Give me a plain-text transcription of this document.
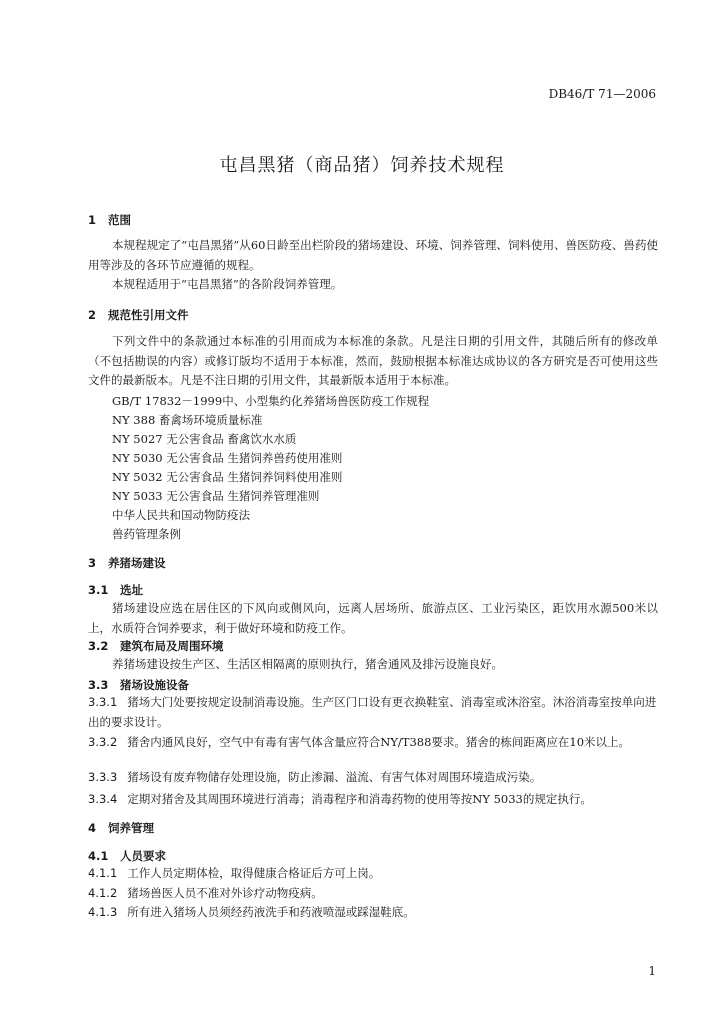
DB46/T 71—2006
屯昌黑猪（商品猪）饲养技术规程
1 范围
本规程规定了“屯昌黑猪”从60日龄至出栏阶段的猪场建设、环境、饲养管理、饲料使用、兽医防疫、兽药使用等涉及的各环节应遵循的规程。
本规程适用于“屯昌黑猪”的各阶段饲养管理。
2 规范性引用文件
下列文件中的条款通过本标准的引用而成为本标准的条款。凡是注日期的引用文件，其随后所有的修改单（不包括勘误的内容）或修订版均不适用于本标准，然而，鼓励根据本标准达成协议的各方研究是否可使用这些文件的最新版本。凡是不注日期的引用文件，其最新版本适用于本标准。
GB/T 17832－1999中、小型集约化养猪场兽医防疫工作规程
NY 388 畜禽场环境质量标准
NY 5027 无公害食品 畜禽饮水水质
NY 5030 无公害食品 生猪饲养兽药使用准则
NY 5032 无公害食品 生猪饲养饲料使用准则
NY 5033 无公害食品 生猪饲养管理准则
中华人民共和国动物防疫法
兽药管理条例
3 养猪场建设
3.1 选址
猪场建设应选在居住区的下风向或侧风向，远离人居场所、旅游点区、工业污染区，距饮用水源500米以上，水质符合饲养要求，利于做好环境和防疫工作。
3.2 建筑布局及周围环境
养猪场建设按生产区、生活区相隔离的原则执行，猪舍通风及排污设施良好。
3.3 猪场设施设备
3.3.1 猪场大门处要按规定设制消毒设施。生产区门口设有更衣换鞋室、消毒室或沐浴室。沐浴消毒室按单向进出的要求设计。
3.3.2 猪舍内通风良好，空气中有毒有害气体含量应符合NY/T388要求。猪舍的栋间距离应在10米以上。
3.3.3 猪场设有废弃物储存处理设施，防止渗漏、溢流、有害气体对周围环境造成污染。
3.3.4 定期对猪舍及其周围环境进行消毒；消毒程序和消毒药物的使用等按NY 5033的规定执行。
4 饲养管理
4.1 人员要求
4.1.1 工作人员定期体检，取得健康合格证后方可上岗。
4.1.2 猪场兽医人员不准对外诊疗动物疫病。
4.1.3 所有进入猪场人员须经药液洗手和药液喷湿或踩湿鞋底。
1
